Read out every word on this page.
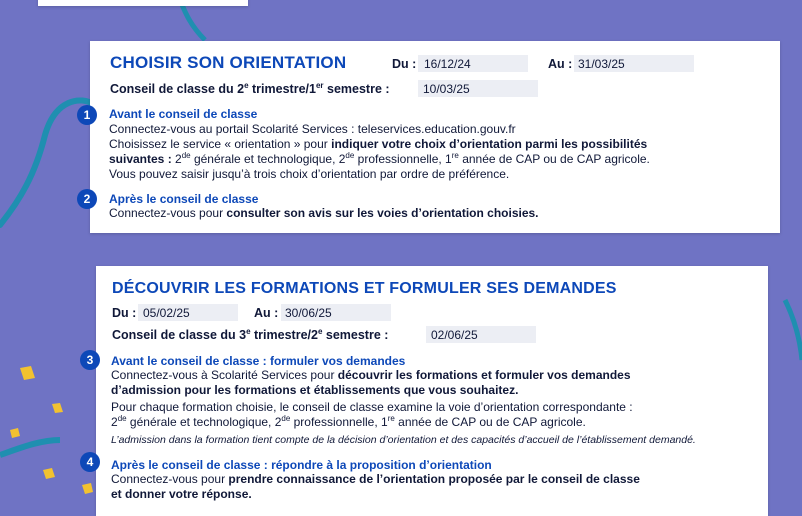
CHOISIR SON ORIENTATION	Du : 16/12/24	Au : 31/03/25
Conseil de classe du 2e trimestre/1er semestre :	10/03/25
1	Avant le conseil de classe
Connectez-vous au portail Scolarité Services : teleservices.education.gouv.fr
Choisissez le service « orientation » pour indiquer votre choix d’orientation parmi les possibilités
suivantes : 2de générale et technologique, 2de professionnelle, 1re année de CAP ou de CAP agricole.
Vous pouvez saisir jusqu’à trois choix d’orientation par ordre de préférence.
2	Après le conseil de classe
Connectez-vous pour consulter son avis sur les voies d’orientation choisies.
DÉCOUVRIR LES FORMATIONS ET FORMULER SES DEMANDES
Du : 05/02/25	Au : 30/06/25
Conseil de classe du 3e trimestre/2e semestre :	02/06/25
3	Avant le conseil de classe : formuler vos demandes
Connectez-vous à Scolarité Services pour découvrir les formations et formuler vos demandes
d’admission pour les formations et établissements que vous souhaitez.
Pour chaque formation choisie, le conseil de classe examine la voie d’orientation correspondante :
2de générale et technologique, 2de professionnelle, 1re année de CAP ou de CAP agricole.
L’admission dans la formation tient compte de la décision d’orientation et des capacités d’accueil de l’établissement demandé.
4	Après le conseil de classe : répondre à la proposition d’orientation
Connectez-vous pour prendre connaissance de l’orientation proposée par le conseil de classe
et donner votre réponse.
